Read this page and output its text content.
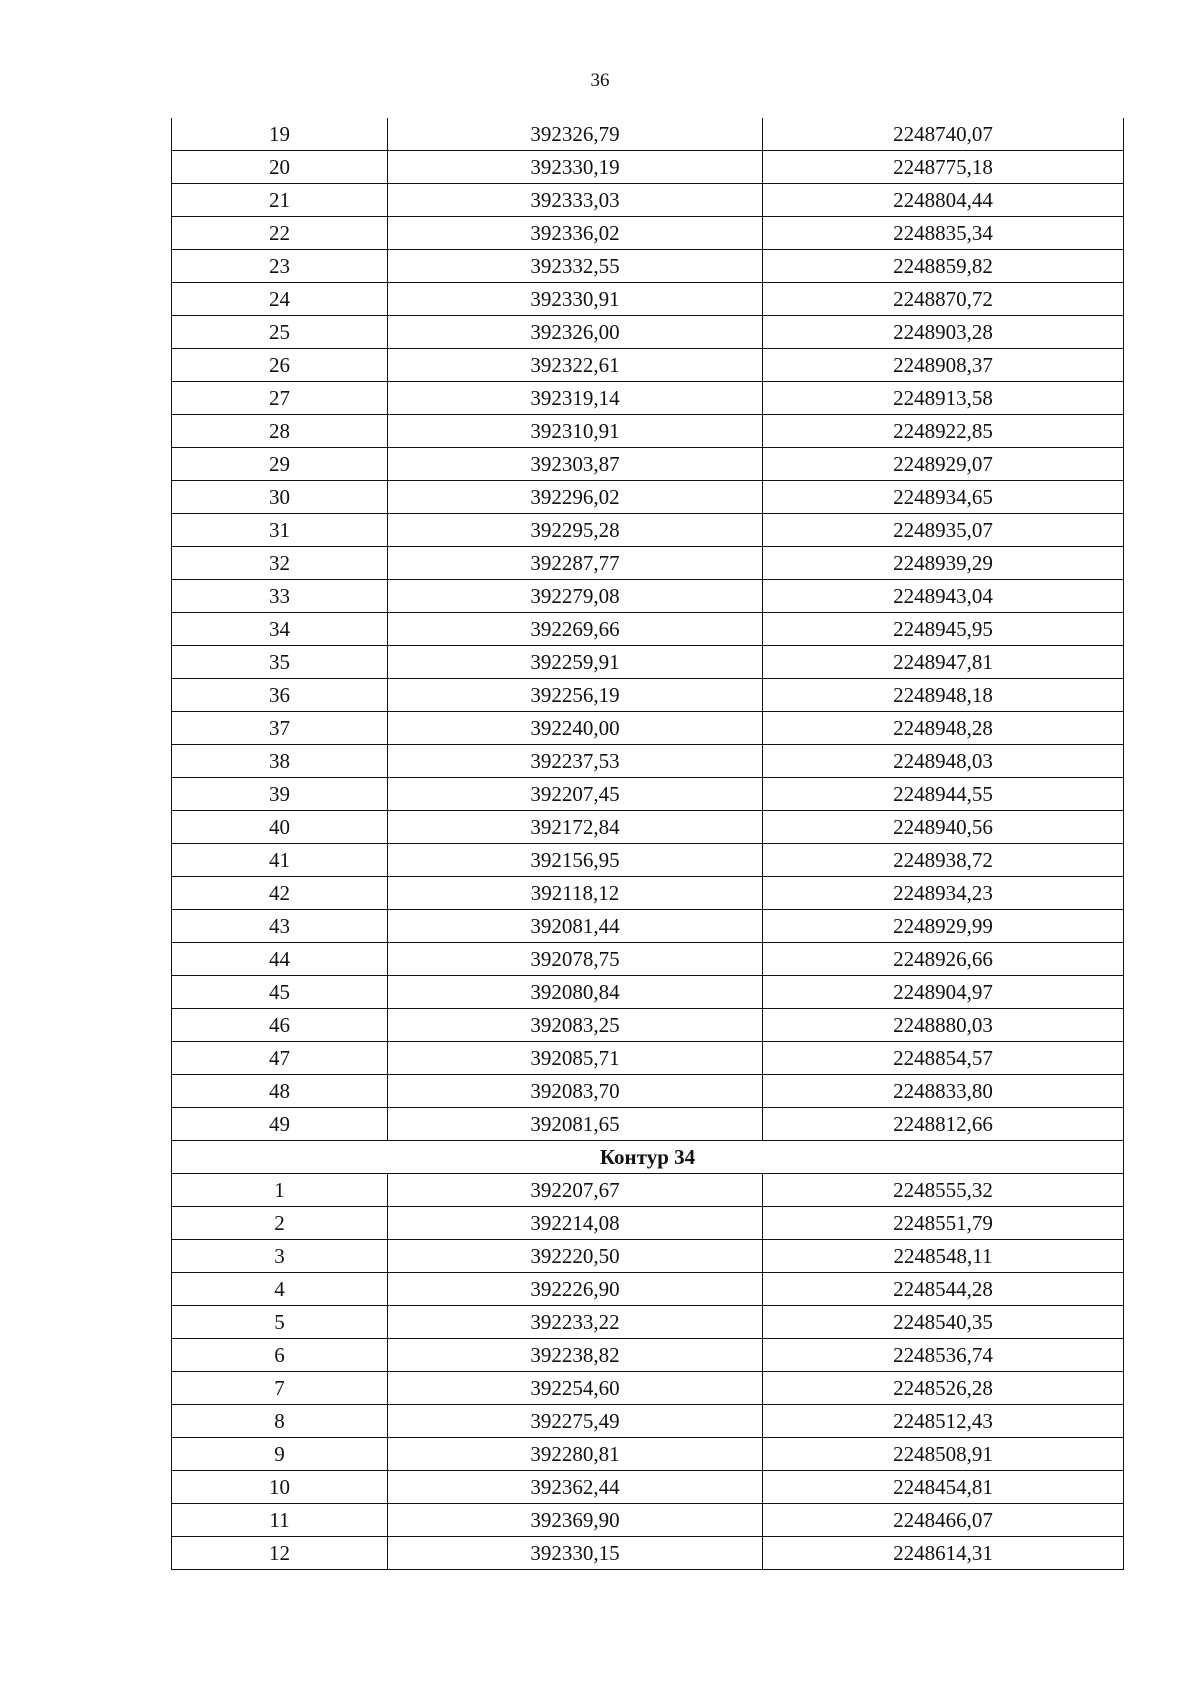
36
19	392326,79	2248740,07
20	392330,19	2248775,18
21	392333,03	2248804,44
22	392336,02	2248835,34
23	392332,55	2248859,82
24	392330,91	2248870,72
25	392326,00	2248903,28
26	392322,61	2248908,37
27	392319,14	2248913,58
28	392310,91	2248922,85
29	392303,87	2248929,07
30	392296,02	2248934,65
31	392295,28	2248935,07
32	392287,77	2248939,29
33	392279,08	2248943,04
34	392269,66	2248945,95
35	392259,91	2248947,81
36	392256,19	2248948,18
37	392240,00	2248948,28
38	392237,53	2248948,03
39	392207,45	2248944,55
40	392172,84	2248940,56
41	392156,95	2248938,72
42	392118,12	2248934,23
43	392081,44	2248929,99
44	392078,75	2248926,66
45	392080,84	2248904,97
46	392083,25	2248880,03
47	392085,71	2248854,57
48	392083,70	2248833,80
49	392081,65	2248812,66
Контур 34		
1	392207,67	2248555,32
2	392214,08	2248551,79
3	392220,50	2248548,11
4	392226,90	2248544,28
5	392233,22	2248540,35
6	392238,82	2248536,74
7	392254,60	2248526,28
8	392275,49	2248512,43
9	392280,81	2248508,91
10	392362,44	2248454,81
11	392369,90	2248466,07
12	392330,15	2248614,31
